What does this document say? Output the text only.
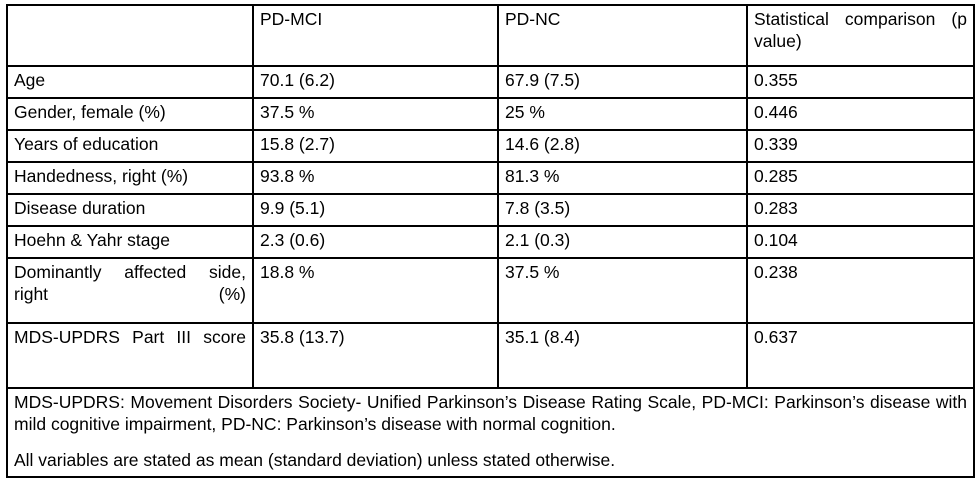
	PD-MCI	PD-NC	Statistical comparison (p value)
Age	70.1 (6.2)	67.9 (7.5)	0.355
Gender, female (%)	37.5 %	25 %	0.446
Years of education	15.8 (2.7)	14.6 (2.8)	0.339
Handedness, right (%)	93.8 %	81.3 %	0.285
Disease duration	9.9 (5.1)	7.8 (3.5)	0.283
Hoehn & Yahr stage	2.3 (0.6)	2.1 (0.3)	0.104
Dominantly affected side, right (%)	18.8 %	37.5 %	0.238
MDS-UPDRS Part III score	35.8 (13.7)	35.1 (8.4)	0.637

MDS-UPDRS: Movement Disorders Society- Unified Parkinson’s Disease Rating Scale, PD-MCI: Parkinson’s disease with mild cognitive impairment, PD-NC: Parkinson’s disease with normal cognition.

All variables are stated as mean (standard deviation) unless stated otherwise.			
